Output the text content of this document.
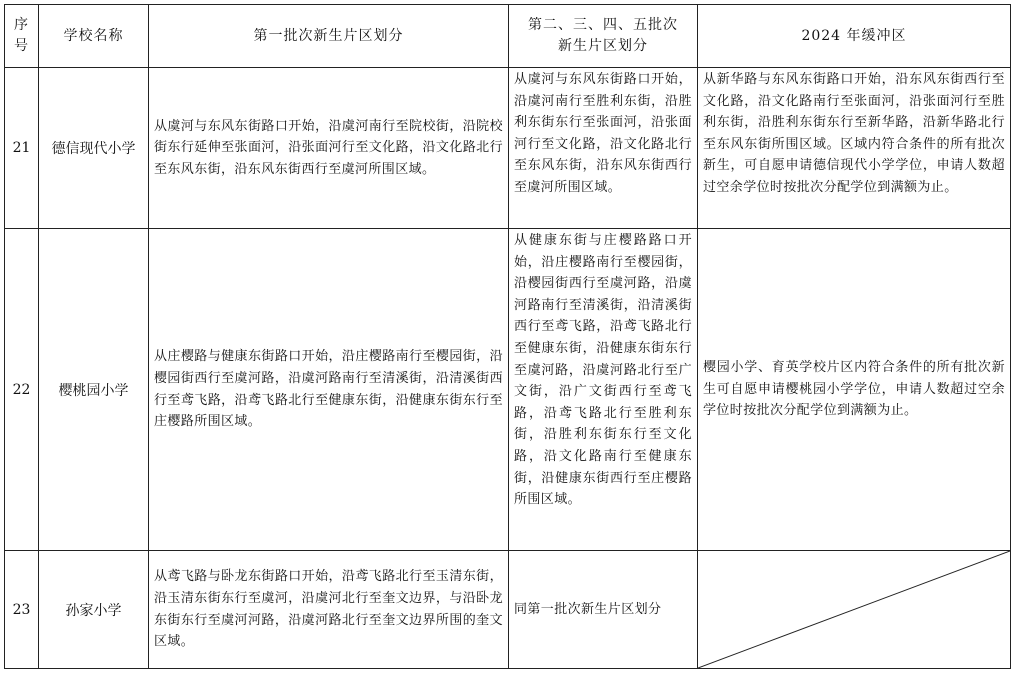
序号	学校名称	第一批次新生片区划分	第二、三、四、五批次新生片区划分	2024 年缓冲区
21	德信现代小学	从虞河与东风东街路口开始，沿虞河南行至院校街，沿院校街东行延伸至张面河，沿张面河行至文化路，沿文化路北行至东风东街，沿东风东街西行至虞河所围区域。	从虞河与东风东街路口开始，沿虞河南行至胜利东街，沿胜利东街东行至张面河，沿张面河行至文化路，沿文化路北行至东风东街，沿东风东街西行至虞河所围区域。	从新华路与东风东街路口开始，沿东风东街西行至文化路，沿文化路南行至张面河，沿张面河行至胜利东街，沿胜利东街东行至新华路，沿新华路北行至东风东街所围区域。区域内符合条件的所有批次新生，可自愿申请德信现代小学学位，申请人数超过空余学位时按批次分配学位到满额为止。

22	樱桃园小学	从庄樱路与健康东街路口开始，沿庄樱路南行至樱园街，沿樱园街西行至虞河路，沿虞河路南行至清溪街，沿清溪街西行至鸢飞路，沿鸢飞路北行至健康东街，沿健康东街东行至庄樱路所围区域。	从健康东街与庄樱路路口开始，沿庄樱路南行至樱园街，沿樱园街西行至虞河路，沿虞河路南行至清溪街，沿清溪街西行至鸢飞路，沿鸢飞路北行至健康东街，沿健康东街东行至虞河路，沿虞河路北行至广文街，沿广文街西行至鸢飞路，沿鸢飞路北行至胜利东街，沿胜利东街东行至文化路，沿文化路南行至健康东街，沿健康东街西行至庄樱路所围区域。	樱园小学、育英学校片区内符合条件的所有批次新生可自愿申请樱桃园小学学位，申请人数超过空余学位时按批次分配学位到满额为止。

23	孙家小学	从鸢飞路与卧龙东街路口开始，沿鸢飞路北行至玉清东街，沿玉清东街东行至虞河，沿虞河北行至奎文边界，与沿卧龙东街东行至虞河河路，沿虞河路北行至奎文边界所围的奎文区域。	同第一批次新生片区划分
